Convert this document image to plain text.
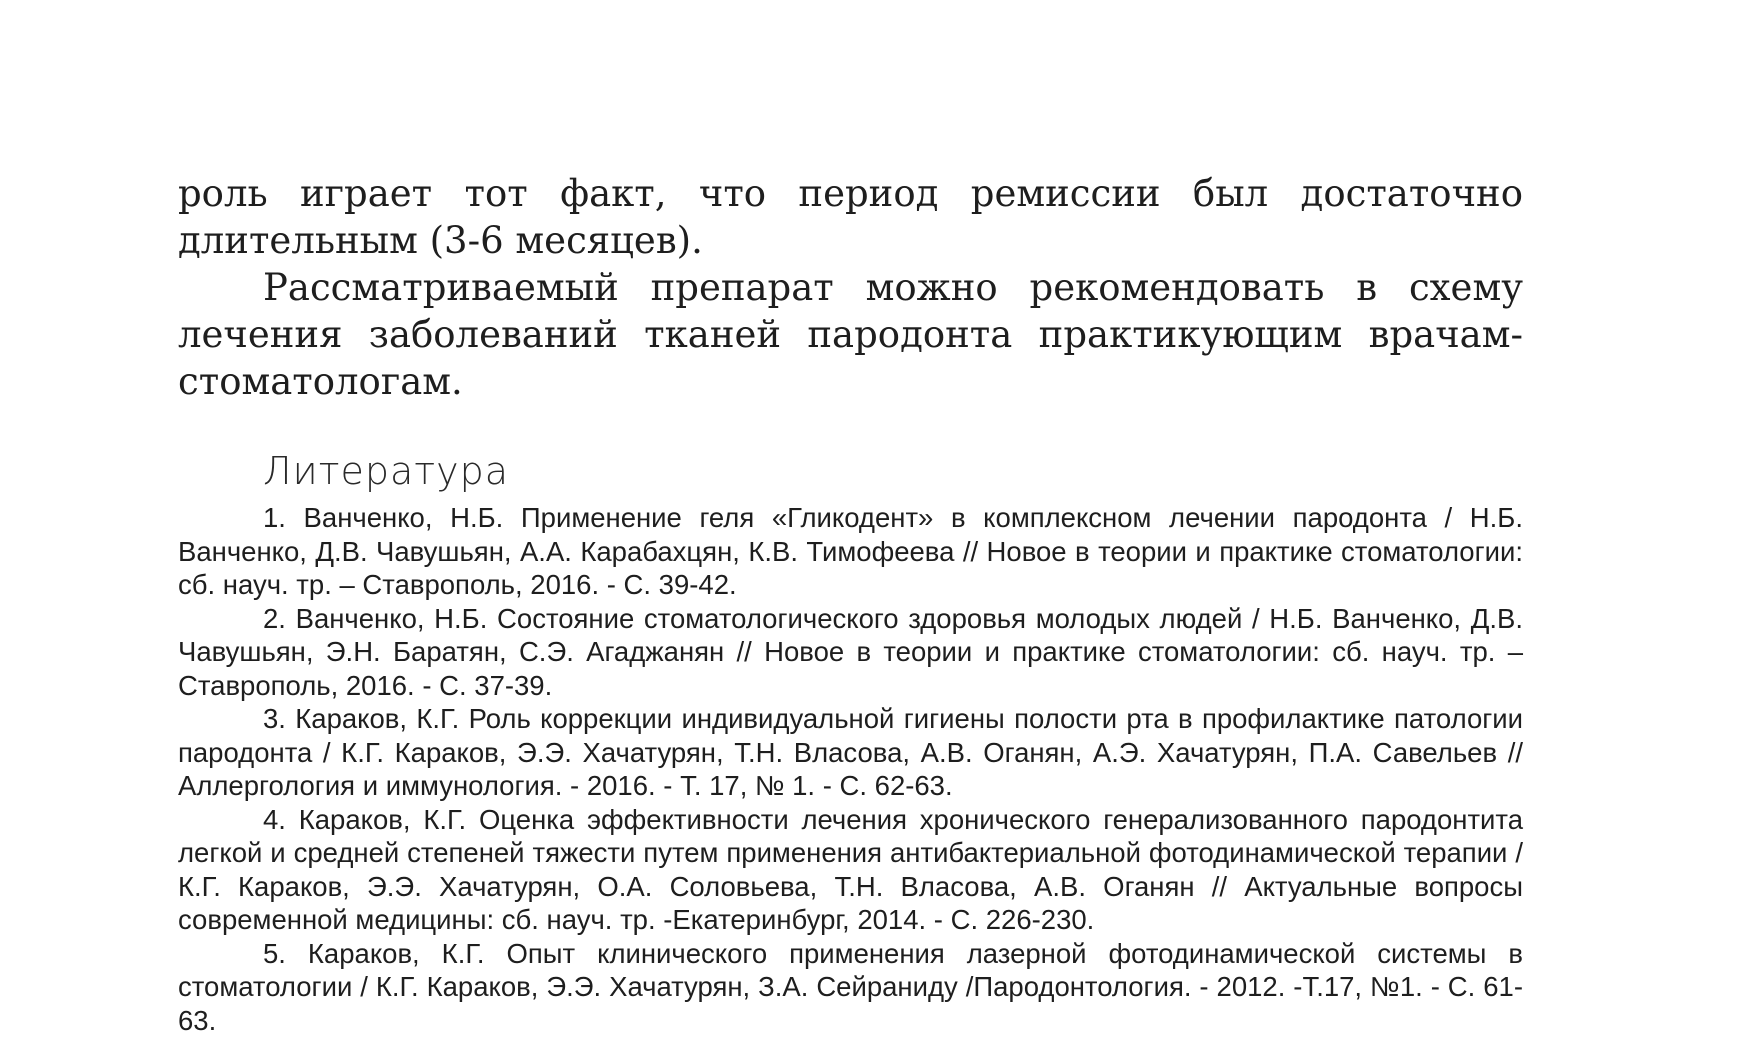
роль играет тот факт, что период ремиссии был достаточно длительным (3-6 месяцев).

Рассматриваемый препарат можно рекомендовать в схему лечения заболеваний тканей пародонта практикующим врачам-стоматологам.

Литература
1. Ванченко, Н.Б. Применение геля «Гликодент» в комплексном лечении пародонта / Н.Б. Ванченко, Д.В. Чавушьян, А.А. Карабахцян, К.В. Тимофеева // Новое в теории и практике стоматологии: сб. науч. тр. – Ставрополь, 2016. - С. 39-42.
2. Ванченко, Н.Б. Состояние стоматологического здоровья молодых людей / Н.Б. Ванченко, Д.В. Чавушьян, Э.Н. Баратян, С.Э. Агаджанян // Новое в теории и практике стоматологии: сб. науч. тр. – Ставрополь, 2016. - С. 37-39.
3. Караков, К.Г. Роль коррекции индивидуальной гигиены полости рта в профилактике патологии пародонта / К.Г. Караков, Э.Э. Хачатурян, Т.Н. Власова, А.В. Оганян, А.Э. Хачатурян, П.А. Савельев // Аллергология и иммунология. - 2016. - Т. 17, № 1. - С. 62-63.
4. Караков, К.Г. Оценка эффективности лечения хронического генерализованного пародонтита легкой и средней степеней тяжести путем применения антибактериальной фотодинамической терапии / К.Г. Караков, Э.Э. Хачатурян, О.А. Соловьева, Т.Н. Власова, А.В. Оганян // Актуальные вопросы современной медицины: сб. науч. тр. -Екатеринбург, 2014. - С. 226-230.
5. Караков, К.Г. Опыт клинического применения лазерной фотодинамической системы в стоматологии / К.Г. Караков, Э.Э. Хачатурян, З.А. Сейраниду /Пародонтология. - 2012. -Т.17, №1. - С. 61-63.
